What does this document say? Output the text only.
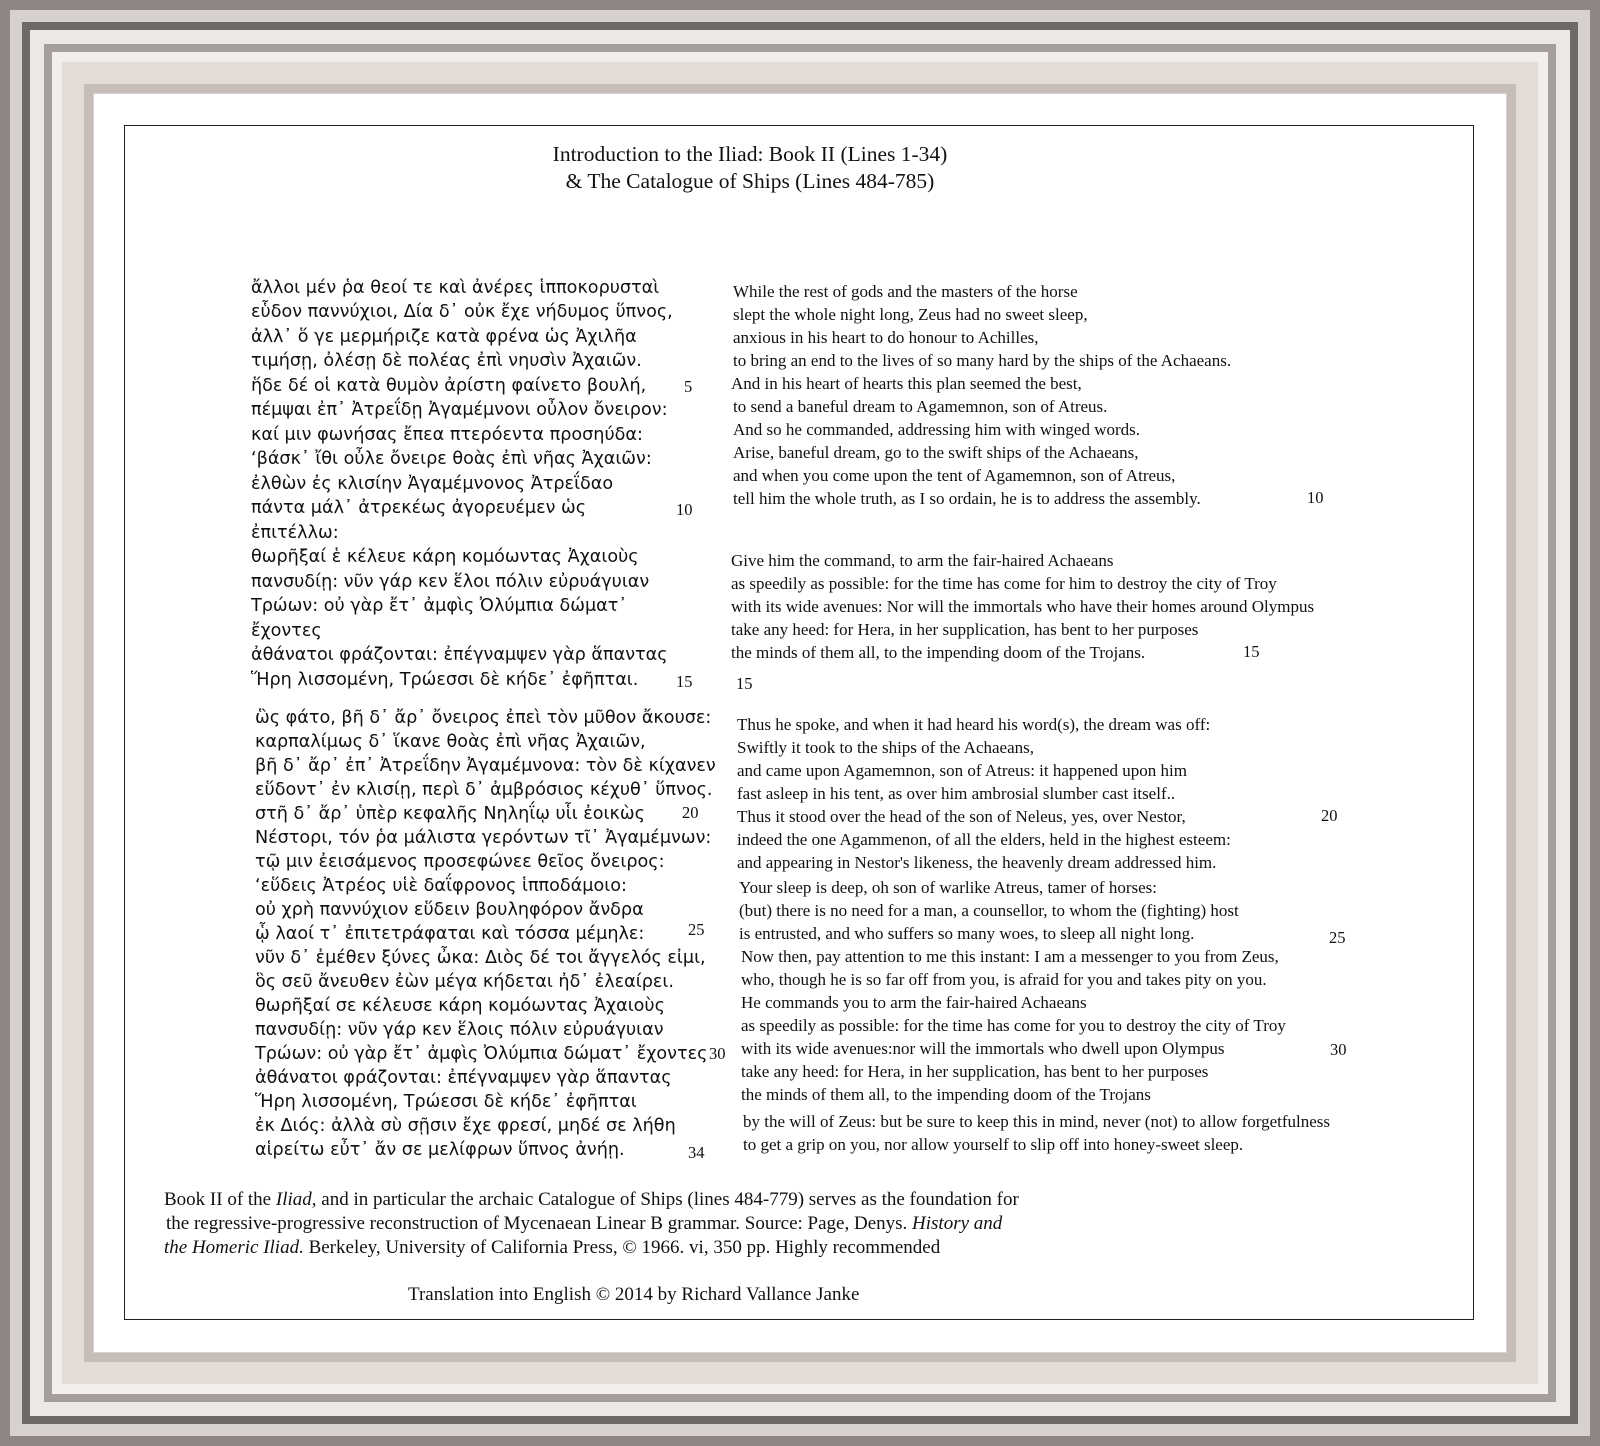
Introduction to the Iliad: Book II (Lines 1-34)
& The Catalogue of Ships (Lines 484-785)
ἄλλοι μέν ῥα θεοί τε καὶ ἀνέρες ἱπποκορυσταὶ
εὗδον παννύχιοι, Δία δ᾽ οὐκ ἔχε νήδυμος ὕπνος,
ἀλλ᾽ ὅ γε μερμήριζε κατὰ φρένα ὡς Ἀχιλῆα
τιμήσῃ, ὀλέσῃ δὲ πολέας ἐπὶ νηυσὶν Ἀχαιῶν.
ἥδε δέ οἱ κατὰ θυμὸν ἀρίστη φαίνετο βουλή,
πέμψαι ἐπ᾽ Ἀτρεΐδῃ Ἀγαμέμνονι οὖλον ὄνειρον:
καί μιν φωνήσας ἔπεα πτερόεντα προσηύδα:
‘βάσκ᾽ ἴθι οὖλε ὄνειρε θοὰς ἐπὶ νῆας Ἀχαιῶν:
ἐλθὼν ἐς κλισίην Ἀγαμέμνονος Ἀτρεΐδαο
πάντα μάλ᾽ ἀτρεκέως ἀγορευέμεν ὡς
ἐπιτέλλω:
θωρῆξαί ἑ κέλευε κάρη κομόωντας Ἀχαιοὺς
πανσυδίῃ: νῦν γάρ κεν ἕλοι πόλιν εὐρυάγυιαν
Τρώων: οὐ γὰρ ἔτ᾽ ἀμφὶς Ὀλύμπια δώματ᾽
ἔχοντες
ἀθάνατοι φράζονται: ἐπέγναμψεν γὰρ ἅπαντας
Ἥρη λισσομένη, Τρώεσσι δὲ κήδε᾽ ἐφῆπται.
ὣς φάτο, βῆ δ᾽ ἄρ᾽ ὄνειρος ἐπεὶ τὸν μῦθον ἄκουσε:
καρπαλίμως δ᾽ ἵκανε θοὰς ἐπὶ νῆας Ἀχαιῶν,
βῆ δ᾽ ἄρ᾽ ἐπ᾽ Ἀτρεΐδην Ἀγαμέμνονα: τὸν δὲ κίχανεν
εὕδοντ᾽ ἐν κλισίῃ, περὶ δ᾽ ἀμβρόσιος κέχυθ᾽ ὕπνος.
στῆ δ᾽ ἄρ᾽ ὑπὲρ κεφαλῆς Νηληΐῳ υἷι ἐοικὼς
Νέστορι, τόν ῥα μάλιστα γερόντων τῖ᾽ Ἀγαμέμνων:
τῷ μιν ἐεισάμενος προσεφώνεε θεῖος ὄνειρος:
‘εὕδεις Ἀτρέος υἱὲ δαΐφρονος ἱπποδάμοιο:
οὐ χρὴ παννύχιον εὕδειν βουληφόρον ἄνδρα
ᾧ λαοί τ᾽ ἐπιτετράφαται καὶ τόσσα μέμηλε:
νῦν δ᾽ ἐμέθεν ξύνες ὦκα: Διὸς δέ τοι ἄγγελός εἰμι,
ὃς σεῦ ἄνευθεν ἐὼν μέγα κήδεται ἠδ᾽ ἐλεαίρει.
θωρῆξαί σε κέλευσε κάρη κομόωντας Ἀχαιοὺς
πανσυδίῃ: νῦν γάρ κεν ἕλοις πόλιν εὐρυάγυιαν
Τρώων: οὐ γὰρ ἔτ᾽ ἀμφὶς Ὀλύμπια δώματ᾽ ἔχοντες
ἀθάνατοι φράζονται: ἐπέγναμψεν γὰρ ἅπαντας
Ἥρη λισσομένη, Τρώεσσι δὲ κήδε᾽ ἐφῆπται
ἐκ Διός: ἀλλὰ σὺ σῇσιν ἔχε φρεσί, μηδέ σε λήθη
αἱρείτω εὖτ᾽ ἄν σε μελίφρων ὕπνος ἀνήῃ.
5
10
15
20
25
30
34
While the rest of gods and the masters of the horse
slept the whole night long, Zeus had no sweet sleep,
anxious in his heart to do honour to Achilles,
to bring an end to the lives of so many hard by the ships of the Achaeans.
And in his heart of hearts this plan seemed the best,
to send a baneful dream to Agamemnon, son of Atreus.
And so he commanded, addressing him with winged words.
Arise, baneful dream, go to the swift ships of the Achaeans,
and when you come upon the tent of Agamemnon, son of Atreus,
tell him the whole truth, as I so ordain, he is to address the assembly.
Give him the command, to arm the fair-haired Achaeans
as speedily as possible: for the time has come for him to destroy the city of Troy
with its wide avenues: Nor will the immortals who have their homes around Olympus
take any heed: for Hera, in her supplication, has bent to her purposes
the minds of them all, to the impending doom of the Trojans.
Thus he spoke, and when it had heard his word(s), the dream was off:
Swiftly it took to the ships of the Achaeans,
and came upon Agamemnon, son of Atreus: it happened upon him
fast asleep in his tent, as over him ambrosial slumber cast itself..
Thus it stood over the head of the son of Neleus, yes, over Nestor,
indeed the one Agammenon, of all the elders, held in the highest esteem:
and appearing in Nestor's likeness, the heavenly dream addressed him.
Your sleep is deep, oh son of warlike Atreus, tamer of horses:
(but) there is no need for a man, a counsellor, to whom the (fighting) host
is entrusted, and who suffers so many woes, to sleep all night long.
Now then, pay attention to me this instant: I am a messenger to you from Zeus,
who, though he is so far off from you, is afraid for you and takes pity on you.
He commands you to arm the fair-haired Achaeans
as speedily as possible: for the time has come for you to destroy the city of Troy
with its wide avenues:nor will the immortals who dwell upon Olympus
take any heed: for Hera, in her supplication, has bent to her purposes
the minds of them all, to the impending doom of the Trojans
by the will of Zeus: but be sure to keep this in mind, never (not) to allow forgetfulness
to get a grip on you, nor allow yourself to slip off into honey-sweet sleep.
10
15
15
20
25
30
Book II of the Iliad, and in particular the archaic Catalogue of Ships (lines 484-779) serves as the foundation for
the regressive-progressive reconstruction of Mycenaean Linear B grammar. Source: Page, Denys. History and
the Homeric Iliad. Berkeley, University of California Press, © 1966. vi, 350 pp. Highly recommended
Translation into English © 2014 by Richard Vallance Janke
